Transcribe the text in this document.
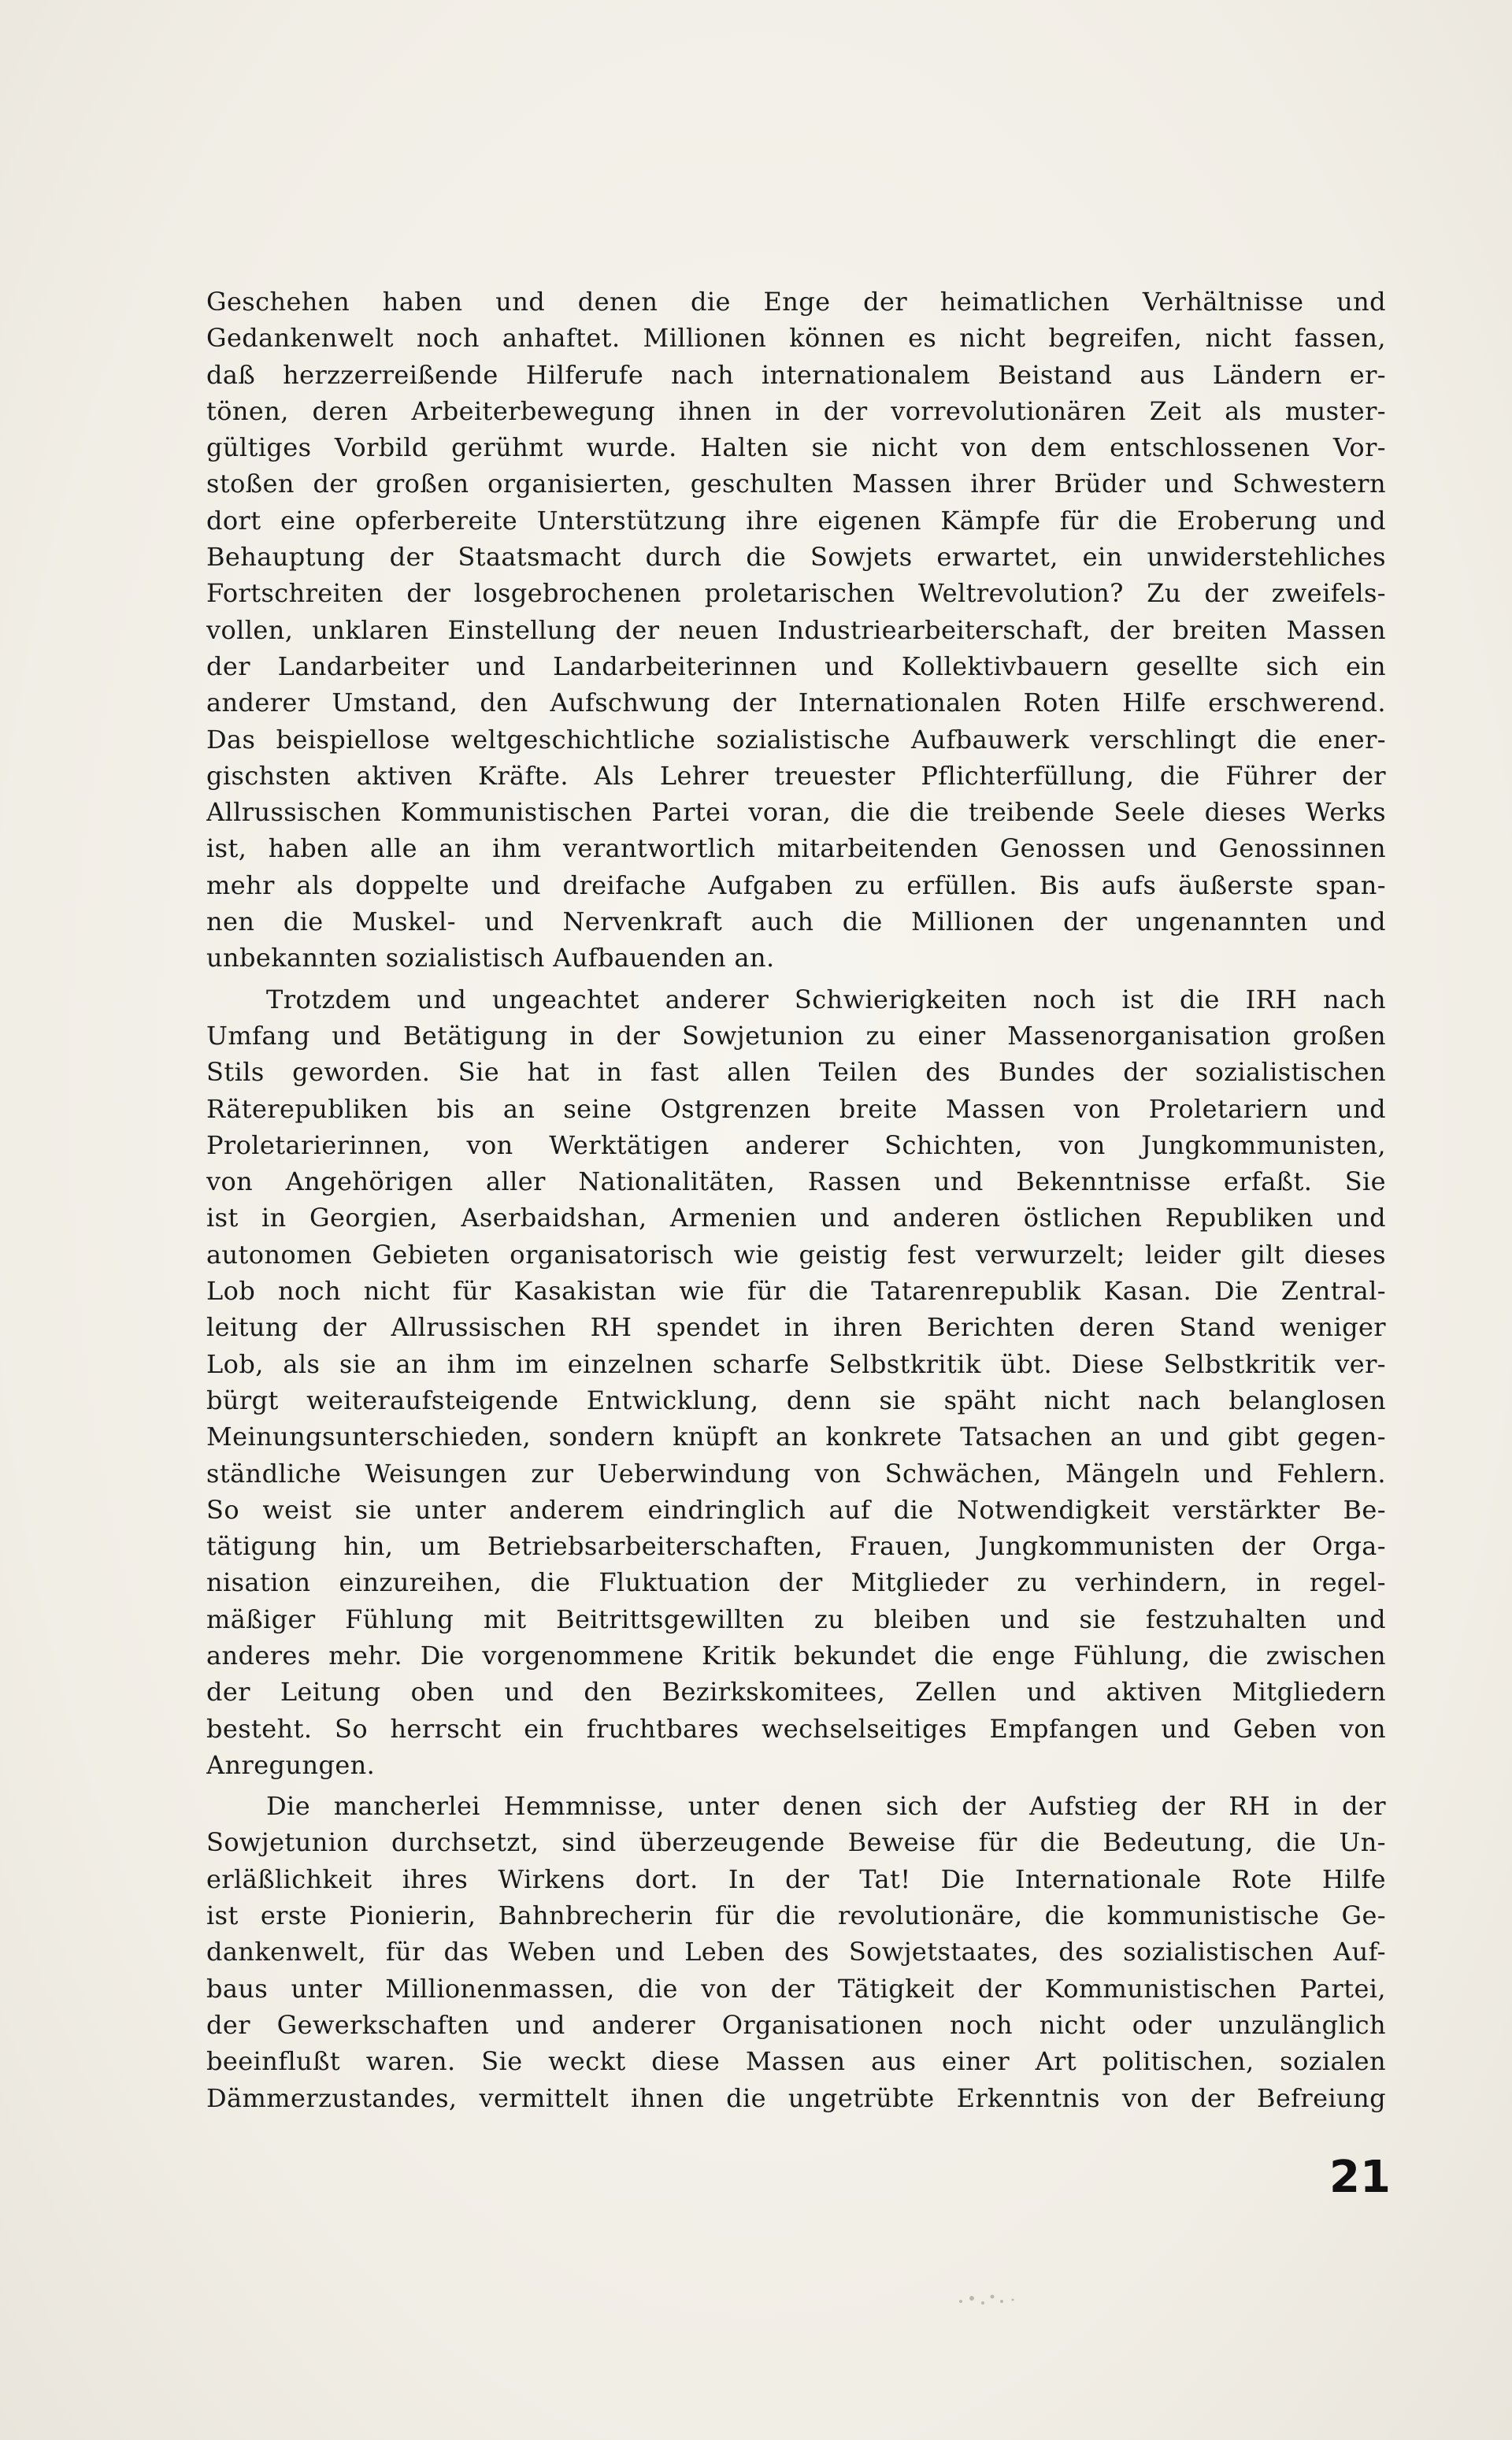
Geschehen haben und denen die Enge der heimatlichen Verhältnisse und
Gedankenwelt noch anhaftet. Millionen können es nicht begreifen, nicht fassen,
daß herzzerreißende Hilferufe nach internationalem Beistand aus Ländern er-
tönen, deren Arbeiterbewegung ihnen in der vorrevolutionären Zeit als muster-
gültiges Vorbild gerühmt wurde. Halten sie nicht von dem entschlossenen Vor-
stoßen der großen organisierten, geschulten Massen ihrer Brüder und Schwestern
dort eine opferbereite Unterstützung ihre eigenen Kämpfe für die Eroberung und
Behauptung der Staatsmacht durch die Sowjets erwartet, ein unwiderstehliches
Fortschreiten der losgebrochenen proletarischen Weltrevolution? Zu der zweifels-
vollen, unklaren Einstellung der neuen Industriearbeiterschaft, der breiten Massen
der Landarbeiter und Landarbeiterinnen und Kollektivbauern gesellte sich ein
anderer Umstand, den Aufschwung der Internationalen Roten Hilfe erschwerend.
Das beispiellose weltgeschichtliche sozialistische Aufbauwerk verschlingt die ener-
gischsten aktiven Kräfte. Als Lehrer treuester Pflichterfüllung, die Führer der
Allrussischen Kommunistischen Partei voran, die die treibende Seele dieses Werks
ist, haben alle an ihm verantwortlich mitarbeitenden Genossen und Genossinnen
mehr als doppelte und dreifache Aufgaben zu erfüllen. Bis aufs äußerste span-
nen die Muskel- und Nervenkraft auch die Millionen der ungenannten und
unbekannten sozialistisch Aufbauenden an.
Trotzdem und ungeachtet anderer Schwierigkeiten noch ist die IRH nach
Umfang und Betätigung in der Sowjetunion zu einer Massenorganisation großen
Stils geworden. Sie hat in fast allen Teilen des Bundes der sozialistischen
Räterepubliken bis an seine Ostgrenzen breite Massen von Proletariern und
Proletarierinnen, von Werktätigen anderer Schichten, von Jungkommunisten,
von Angehörigen aller Nationalitäten, Rassen und Bekenntnisse erfaßt. Sie
ist in Georgien, Aserbaidshan, Armenien und anderen östlichen Republiken und
autonomen Gebieten organisatorisch wie geistig fest verwurzelt; leider gilt dieses
Lob noch nicht für Kasakistan wie für die Tatarenrepublik Kasan. Die Zentral-
leitung der Allrussischen RH spendet in ihren Berichten deren Stand weniger
Lob, als sie an ihm im einzelnen scharfe Selbstkritik übt. Diese Selbstkritik ver-
bürgt weiteraufsteigende Entwicklung, denn sie späht nicht nach belanglosen
Meinungsunterschieden, sondern knüpft an konkrete Tatsachen an und gibt gegen-
ständliche Weisungen zur Ueberwindung von Schwächen, Mängeln und Fehlern.
So weist sie unter anderem eindringlich auf die Notwendigkeit verstärkter Be-
tätigung hin, um Betriebsarbeiterschaften, Frauen, Jungkommunisten der Orga-
nisation einzureihen, die Fluktuation der Mitglieder zu verhindern, in regel-
mäßiger Fühlung mit Beitrittsgewillten zu bleiben und sie festzuhalten und
anderes mehr. Die vorgenommene Kritik bekundet die enge Fühlung, die zwischen
der Leitung oben und den Bezirkskomitees, Zellen und aktiven Mitgliedern
besteht. So herrscht ein fruchtbares wechselseitiges Empfangen und Geben von
Anregungen.
Die mancherlei Hemmnisse, unter denen sich der Aufstieg der RH in der
Sowjetunion durchsetzt, sind überzeugende Beweise für die Bedeutung, die Un-
erläßlichkeit ihres Wirkens dort. In der Tat! Die Internationale Rote Hilfe
ist erste Pionierin, Bahnbrecherin für die revolutionäre, die kommunistische Ge-
dankenwelt, für das Weben und Leben des Sowjetstaates, des sozialistischen Auf-
baus unter Millionenmassen, die von der Tätigkeit der Kommunistischen Partei,
der Gewerkschaften und anderer Organisationen noch nicht oder unzulänglich
beeinflußt waren. Sie weckt diese Massen aus einer Art politischen, sozialen
Dämmerzustandes, vermittelt ihnen die ungetrübte Erkenntnis von der Befreiung
21
